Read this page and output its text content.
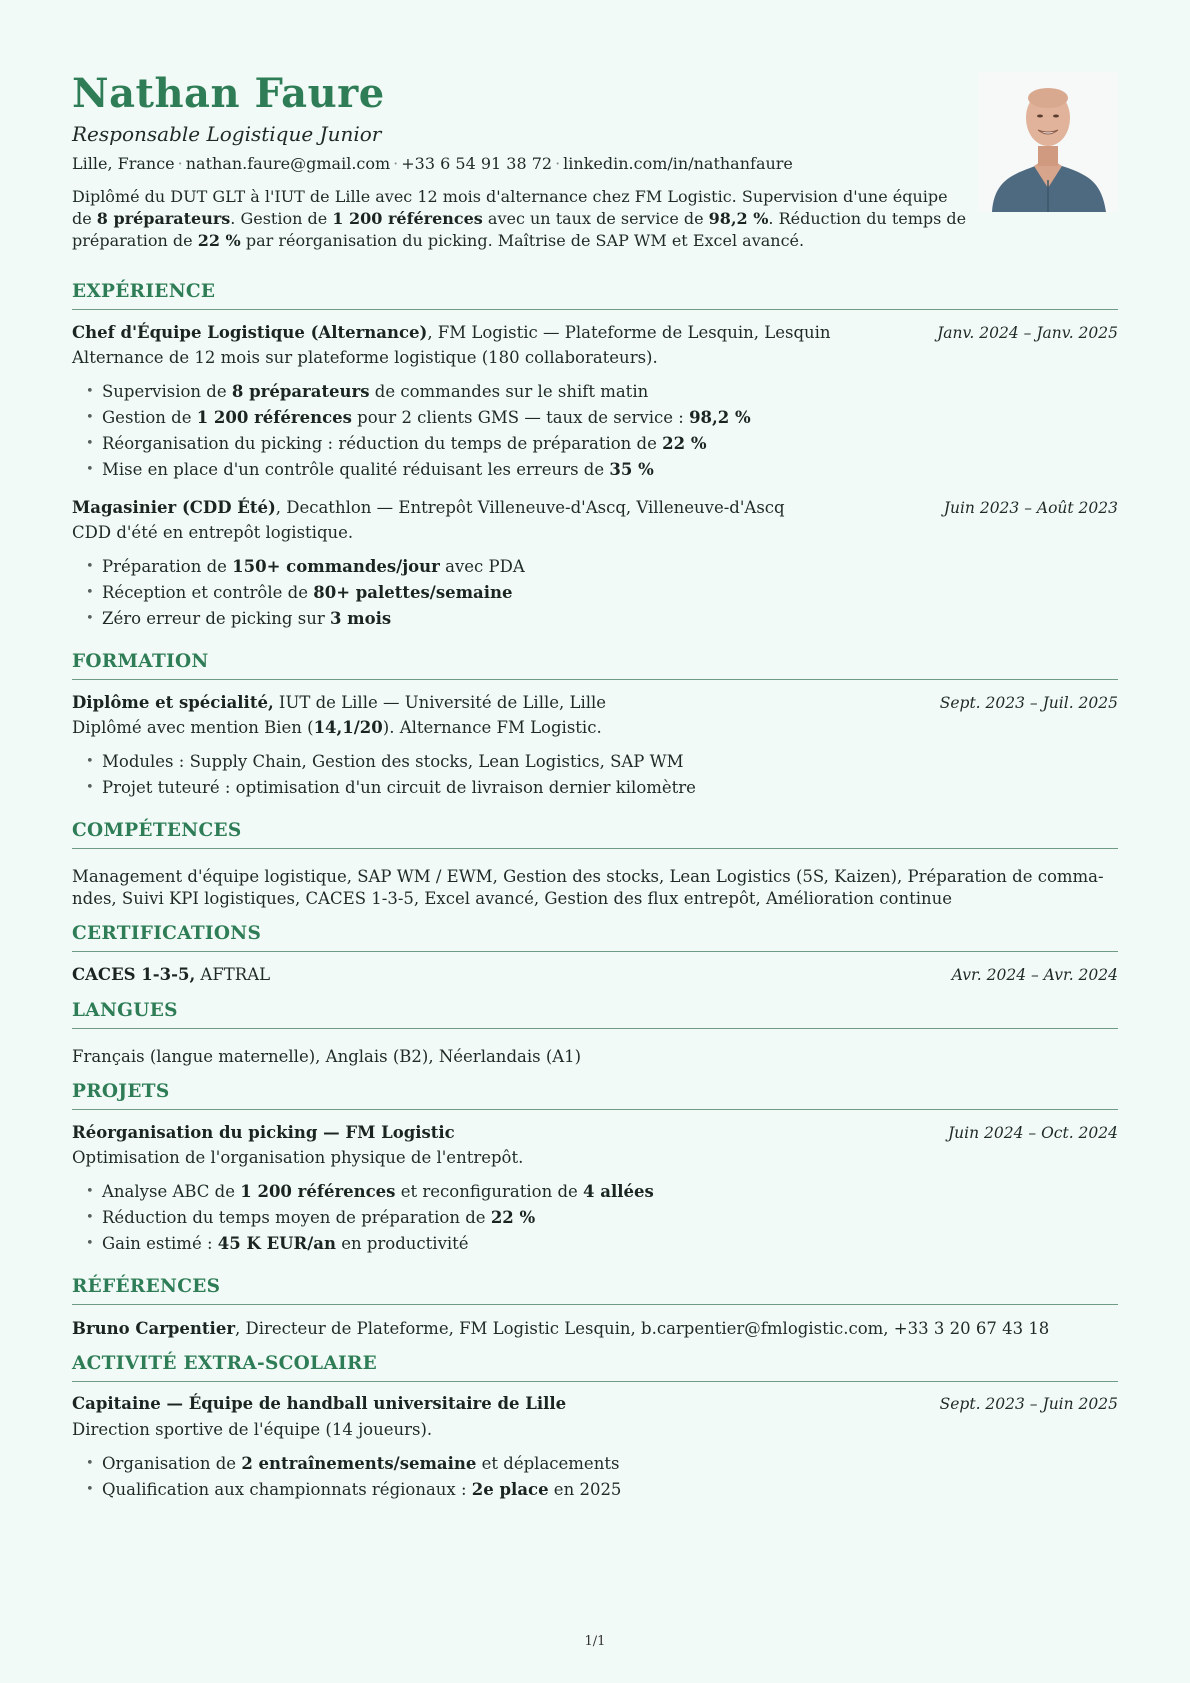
Nathan Faure
Responsable Logistique Junior
Lille, France · nathan.faure@gmail.com · +33 6 54 91 38 72 · linkedin.com/in/nathanfaure
Diplômé du DUT GLT à l'IUT de Lille avec 12 mois d'alternance chez FM Logistic. Supervision d'une équipe de 8 préparateurs. Gestion de 1 200 références avec un taux de service de 98,2 %. Réduction du temps de préparation de 22 % par réorganisation du picking. Maîtrise de SAP WM et Excel avancé.
EXPÉRIENCE
Chef d'Équipe Logistique (Alternance), FM Logistic — Plateforme de Lesquin, Lesquin	Janv. 2024 – Janv. 2025
Alternance de 12 mois sur plateforme logistique (180 collaborateurs).
• Supervision de 8 préparateurs de commandes sur le shift matin
• Gestion de 1 200 références pour 2 clients GMS — taux de service : 98,2 %
• Réorganisation du picking : réduction du temps de préparation de 22 %
• Mise en place d'un contrôle qualité réduisant les erreurs de 35 %
Magasinier (CDD Été), Decathlon — Entrepôt Villeneuve-d'Ascq, Villeneuve-d'Ascq	Juin 2023 – Août 2023
CDD d'été en entrepôt logistique.
• Préparation de 150+ commandes/jour avec PDA
• Réception et contrôle de 80+ palettes/semaine
• Zéro erreur de picking sur 3 mois
FORMATION
Diplôme et spécialité, IUT de Lille — Université de Lille, Lille	Sept. 2023 – Juil. 2025
Diplômé avec mention Bien (14,1/20). Alternance FM Logistic.
• Modules : Supply Chain, Gestion des stocks, Lean Logistics, SAP WM
• Projet tuteuré : optimisation d'un circuit de livraison dernier kilomètre
COMPÉTENCES
Management d'équipe logistique, SAP WM / EWM, Gestion des stocks, Lean Logistics (5S, Kaizen), Préparation de comma-
ndes, Suivi KPI logistiques, CACES 1-3-5, Excel avancé, Gestion des flux entrepôt, Amélioration continue
CERTIFICATIONS
CACES 1-3-5, AFTRAL	Avr. 2024 – Avr. 2024
LANGUES
Français (langue maternelle), Anglais (B2), Néerlandais (A1)
PROJETS
Réorganisation du picking — FM Logistic	Juin 2024 – Oct. 2024
Optimisation de l'organisation physique de l'entrepôt.
• Analyse ABC de 1 200 références et reconfiguration de 4 allées
• Réduction du temps moyen de préparation de 22 %
• Gain estimé : 45 K EUR/an en productivité
RÉFÉRENCES
Bruno Carpentier, Directeur de Plateforme, FM Logistic Lesquin, b.carpentier@fmlogistic.com, +33 3 20 67 43 18
ACTIVITÉ EXTRA-SCOLAIRE
Capitaine — Équipe de handball universitaire de Lille	Sept. 2023 – Juin 2025
Direction sportive de l'équipe (14 joueurs).
• Organisation de 2 entraînements/semaine et déplacements
• Qualification aux championnats régionaux : 2e place en 2025
1/1
